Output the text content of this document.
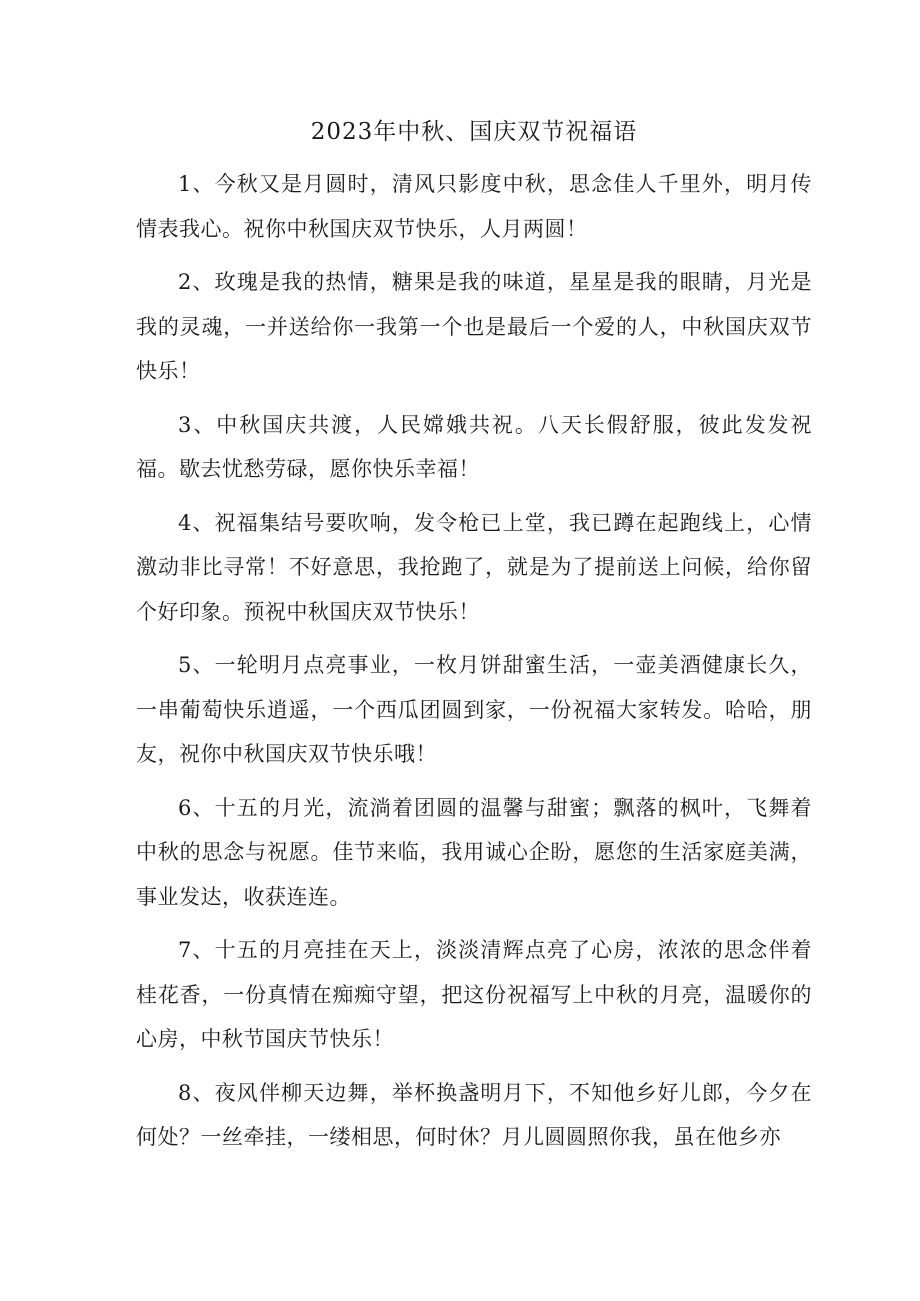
2023年中秋、国庆双节祝福语

1、今秋又是月圆时，清风只影度中秋，思念佳人千里外，明月传情表我心。祝你中秋国庆双节快乐，人月两圆！

2、玫瑰是我的热情，糖果是我的味道，星星是我的眼睛，月光是我的灵魂，一并送给你一我第一个也是最后一个爱的人，中秋国庆双节快乐！

3、中秋国庆共渡，人民嫦娥共祝。八天长假舒服，彼此发发祝福。歇去忧愁劳碌，愿你快乐幸福！

4、祝福集结号要吹响，发令枪已上堂，我已蹲在起跑线上，心情激动非比寻常！不好意思，我抢跑了，就是为了提前送上问候，给你留个好印象。预祝中秋国庆双节快乐！

5、一轮明月点亮事业，一枚月饼甜蜜生活，一壶美酒健康长久，一串葡萄快乐逍遥，一个西瓜团圆到家，一份祝福大家转发。哈哈，朋友，祝你中秋国庆双节快乐哦！

6、十五的月光，流淌着团圆的温馨与甜蜜；飘落的枫叶，飞舞着中秋的思念与祝愿。佳节来临，我用诚心企盼，愿您的生活家庭美满，事业发达，收获连连。

7、十五的月亮挂在天上，淡淡清辉点亮了心房，浓浓的思念伴着桂花香，一份真情在痴痴守望，把这份祝福写上中秋的月亮，温暖你的心房，中秋节国庆节快乐！

8、夜风伴柳天边舞，举杯换盏明月下，不知他乡好儿郎，今夕在何处？一丝牵挂，一缕相思，何时休？月儿圆圆照你我，虽在他乡亦
